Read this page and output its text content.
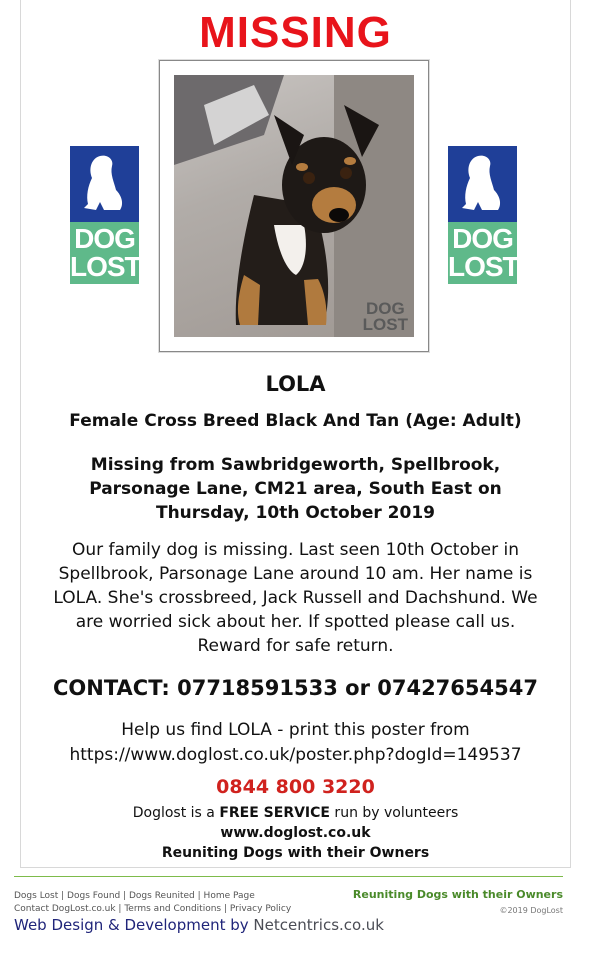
MISSING
DOG
LOST
DOG
LOST
DOG
LOST
LOLA
Female Cross Breed Black And Tan (Age: Adult)
Missing from Sawbridgeworth, Spellbrook,
Parsonage Lane, CM21 area, South East on
Thursday, 10th October 2019
Our family dog is missing. Last seen 10th October in Spellbrook, Parsonage Lane around 10 am. Her name is LOLA. She's crossbreed, Jack Russell and Dachshund. We are worried sick about her. If spotted please call us. Reward for safe return.
CONTACT: 07718591533 or 07427654547
Help us find LOLA - print this poster from
https://www.doglost.co.uk/poster.php?dogId=149537
0844 800 3220
Doglost is a FREE SERVICE run by volunteers
www.doglost.co.uk
Reuniting Dogs with their Owners
Dogs Lost | Dogs Found | Dogs Reunited | Home Page
Contact DogLost.co.uk | Terms and Conditions | Privacy Policy
Reuniting Dogs with their Owners
©2019 DogLost
Web Design & Development by Netcentrics.co.uk
